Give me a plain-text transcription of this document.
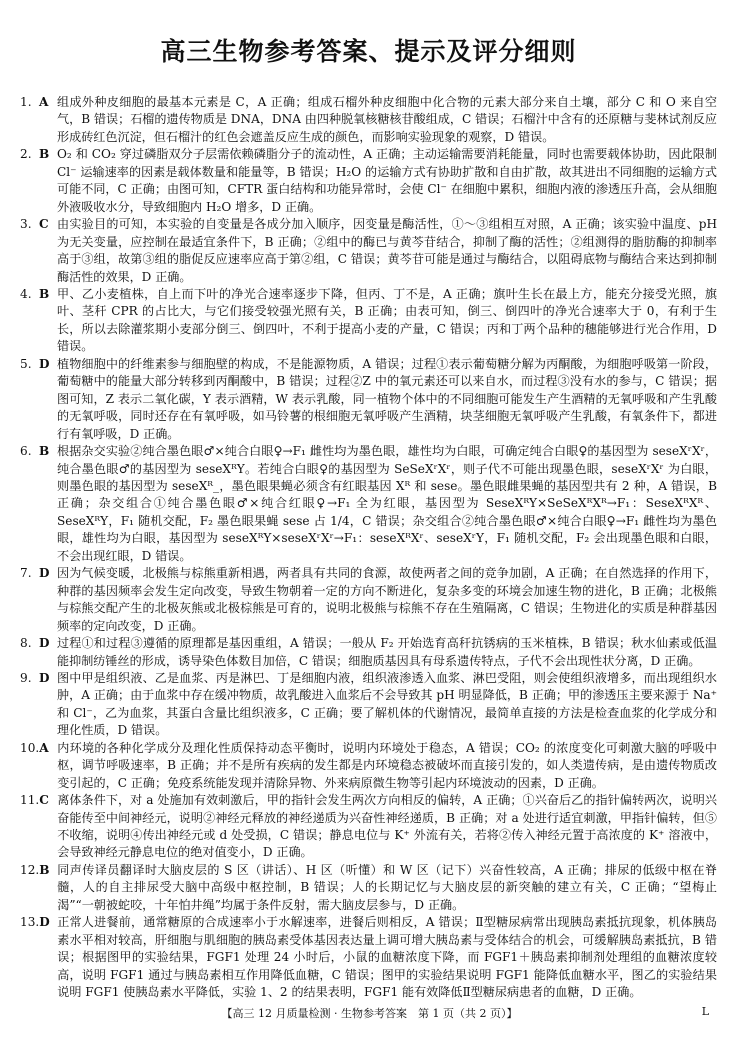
高三生物参考答案、提示及评分细则
1. A 组成外种皮细胞的最基本元素是 C，A 正确；组成石榴外种皮细胞中化合物的元素大部分来自土壤，部分 C 和 O 来自空气，B 错误；石榴的遗传物质是 DNA，DNA 由四种脱氧核糖核苷酸组成，C 错误；石榴汁中含有的还原糖与斐林试剂反应形成砖红色沉淀，但石榴汁的红色会遮盖反应生成的颜色，而影响实验现象的观察，D 错误。
2. B O₂ 和 CO₂ 穿过磷脂双分子层需依赖磷脂分子的流动性，A 正确；主动运输需要消耗能量，同时也需要载体协助，因此限制 Cl⁻ 运输速率的因素是载体数量和能量等，B 错误；H₂O 的运输方式有协助扩散和自由扩散，故其进出不同细胞的运输方式可能不同，C 正确；由图可知，CFTR 蛋白结构和功能异常时，会使 Cl⁻ 在细胞中累积，细胞内液的渗透压升高，会从细胞外液吸收水分，导致细胞内 H₂O 增多，D 正确。
3. C 由实验目的可知，本实验的自变量是各成分加入顺序，因变量是酶活性，①～③组相互对照，A 正确；该实验中温度、pH 为无关变量，应控制在最适宜条件下，B 正确；②组中的酶已与黄芩苷结合，抑制了酶的活性；②组测得的脂肪酶的抑制率高于③组，故第③组的脂促反应速率应高于第②组，C 错误；黄芩苷可能是通过与酶结合，以阻碍底物与酶结合来达到抑制酶活性的效果，D 正确。
4. B 甲、乙小麦植株，自上而下叶的净光合速率逐步下降，但丙、丁不是，A 正确；旗叶生长在最上方，能充分接受光照，旗叶、茎秆 CPR 的占比大，与它们接受较强光照有关，B 正确；由表可知，倒三、倒四叶的净光合速率大于 0，有利于生长，所以去除灌浆期小麦部分倒三、倒四叶，不利于提高小麦的产量，C 错误；丙和丁两个品种的穗能够进行光合作用，D 错误。
5. D 植物细胞中的纤维素参与细胞壁的构成，不是能源物质，A 错误；过程①表示葡萄糖分解为丙酮酸，为细胞呼吸第一阶段，葡萄糖中的能量大部分转移到丙酮酸中，B 错误；过程②Z 中的氧元素还可以来自水，而过程③没有水的参与，C 错误；据图可知，Z 表示二氧化碳，Y 表示酒精，W 表示乳酸，同一植物个体中的不同细胞可能发生产生酒精的无氧呼吸和产生乳酸的无氧呼吸，同时还存在有氧呼吸，如马铃薯的根细胞无氧呼吸产生酒精，块茎细胞无氧呼吸产生乳酸，有氧条件下，都进行有氧呼吸，D 正确。
6. B 根据杂交实验②纯合墨色眼♂×纯合白眼♀→F₁ 雌性均为墨色眼，雄性均为白眼，可确定纯合白眼♀的基因型为 seseXʳXʳ，纯合墨色眼♂的基因型为 seseXᴿY。若纯合白眼♀的基因型为 SeSeXʳXʳ，则子代不可能出现墨色眼，seseXʳXʳ 为白眼，则墨色眼的基因型为 seseXᴿ_，墨色眼果蝇必须含有红眼基因 Xᴿ 和 sese。墨色眼雌果蝇的基因型共有 2 种，A 错误，B 正确；杂交组合①纯合墨色眼♂×纯合红眼♀→F₁ 全为红眼，基因型为 SeseXᴿY×SeSeXᴿXᴿ→F₁：SeseXᴿXᴿ、SeseXᴿY，F₁ 随机交配，F₂ 墨色眼果蝇 sese 占 1/4，C 错误；杂交组合②纯合墨色眼♂×纯合白眼♀→F₁ 雌性均为墨色眼，雄性均为白眼，基因型为 seseXᴿY×seseXʳXʳ→F₁：seseXᴿXʳ、seseXʳY，F₁ 随机交配，F₂ 会出现墨色眼和白眼，不会出现红眼，D 错误。
7. D 因为气候变暖，北极熊与棕熊重新相遇，两者具有共同的食源，故使两者之间的竞争加剧，A 正确；在自然选择的作用下，种群的基因频率会发生定向改变，导致生物朝着一定的方向不断进化，复杂多变的环境会加速生物的进化，B 正确；北极熊与棕熊交配产生的北极灰熊或北极棕熊是可育的，说明北极熊与棕熊不存在生殖隔离，C 错误；生物进化的实质是种群基因频率的定向改变，D 正确。
8. D 过程①和过程③遵循的原理都是基因重组，A 错误；一般从 F₂ 开始选育高秆抗锈病的玉米植株，B 错误；秋水仙素或低温能抑制纺锤丝的形成，诱导染色体数目加倍，C 错误；细胞质基因具有母系遗传特点，子代不会出现性状分离，D 正确。
9. D 图中甲是组织液、乙是血浆、丙是淋巴、丁是细胞内液，组织液渗透入血浆、淋巴受阻，则会使组织液增多，而出现组织水肿，A 正确；由于血浆中存在缓冲物质，故乳酸进入血浆后不会导致其 pH 明显降低，B 正确；甲的渗透压主要来源于 Na⁺ 和 Cl⁻，乙为血浆，其蛋白含量比组织液多，C 正确；要了解机体的代谢情况，最简单直接的方法是检查血浆的化学成分和理化性质，D 错误。
10. A 内环境的各种化学成分及理化性质保持动态平衡时，说明内环境处于稳态，A 错误；CO₂ 的浓度变化可刺激大脑的呼吸中枢，调节呼吸速率，B 正确；并不是所有疾病的发生都是内环境稳态被破坏而直接引发的，如人类遗传病，是由遗传物质改变引起的，C 正确；免疫系统能发现并清除异物、外来病原微生物等引起内环境波动的因素，D 正确。
11. C 离体条件下，对 a 处施加有效刺激后，甲的指针会发生两次方向相反的偏转，A 正确；①兴奋后乙的指针偏转两次，说明兴奋能传至中间神经元，说明②神经元释放的神经递质为兴奋性神经递质，B 正确；对 a 处进行适宜刺激，甲指针偏转，但⑤不收缩，说明④传出神经元或 d 处受损，C 错误；静息电位与 K⁺ 外流有关，若将②传入神经元置于高浓度的 K⁺ 溶液中，会导致神经元静息电位的绝对值变小，D 正确。
12. B 同声传译员翻译时大脑皮层的 S 区（讲话）、H 区（听懂）和 W 区（记下）兴奋性较高，A 正确；排尿的低级中枢在脊髓，人的自主排尿受大脑中高级中枢控制，B 错误；人的长期记忆与大脑皮层的新突触的建立有关，C 正确；“望梅止渴”“一朝被蛇咬，十年怕井绳”均属于条件反射，需大脑皮层参与，D 正确。
13. D 正常人进餐前，通常糖原的合成速率小于水解速率，进餐后则相反，A 错误；Ⅱ型糖尿病常出现胰岛素抵抗现象，机体胰岛素水平相对较高，肝细胞与肌细胞的胰岛素受体基因表达量上调可增大胰岛素与受体结合的机会，可缓解胰岛素抵抗，B 错误；根据图甲的实验结果，FGF1 处理 24 小时后，小鼠的血糖浓度下降，而 FGF1＋胰岛素抑制剂处理组的血糖浓度较高，说明 FGF1 通过与胰岛素相互作用降低血糖，C 错误；图甲的实验结果说明 FGF1 能降低血糖水平，图乙的实验结果说明 FGF1 使胰岛素水平降低，实验 1、2 的结果表明，FGF1 能有效降低Ⅱ型糖尿病患者的血糖，D 正确。
【高三 12 月质量检测 · 生物参考答案　第 1 页（共 2 页）】	L
